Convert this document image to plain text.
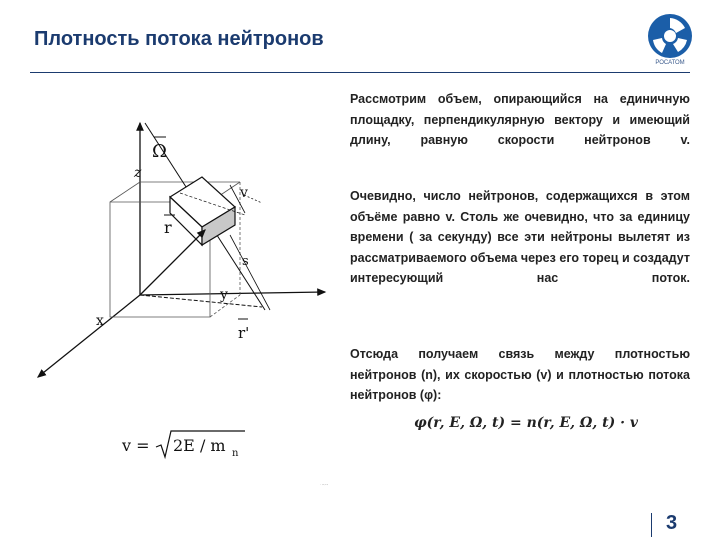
Плотность потока нейтронов
РОСАТОМ
z
Ω
v
r
s
y
x
r'
Рассмотрим объем, опирающийся на единичную площадку, перпендикулярную вектору и имеющий длину, равную скорости нейтронов v.
Очевидно, число нейтронов, содержащихся в этом объёме равно v. Столь же очевидно, что за единицу времени ( за секунду) все эти нейтроны вылетят из рассматриваемого объема через его торец и создадут интересующий нас поток.
Отсюда получаем связь между плотностью нейтронов (n), их скоростью (v) и плотностью потока нейтронов (φ):
φ(r, E, Ω, t) = n(r, E, Ω, t) · v
v = 2E / m n
v = √(2E / m_n)
3
